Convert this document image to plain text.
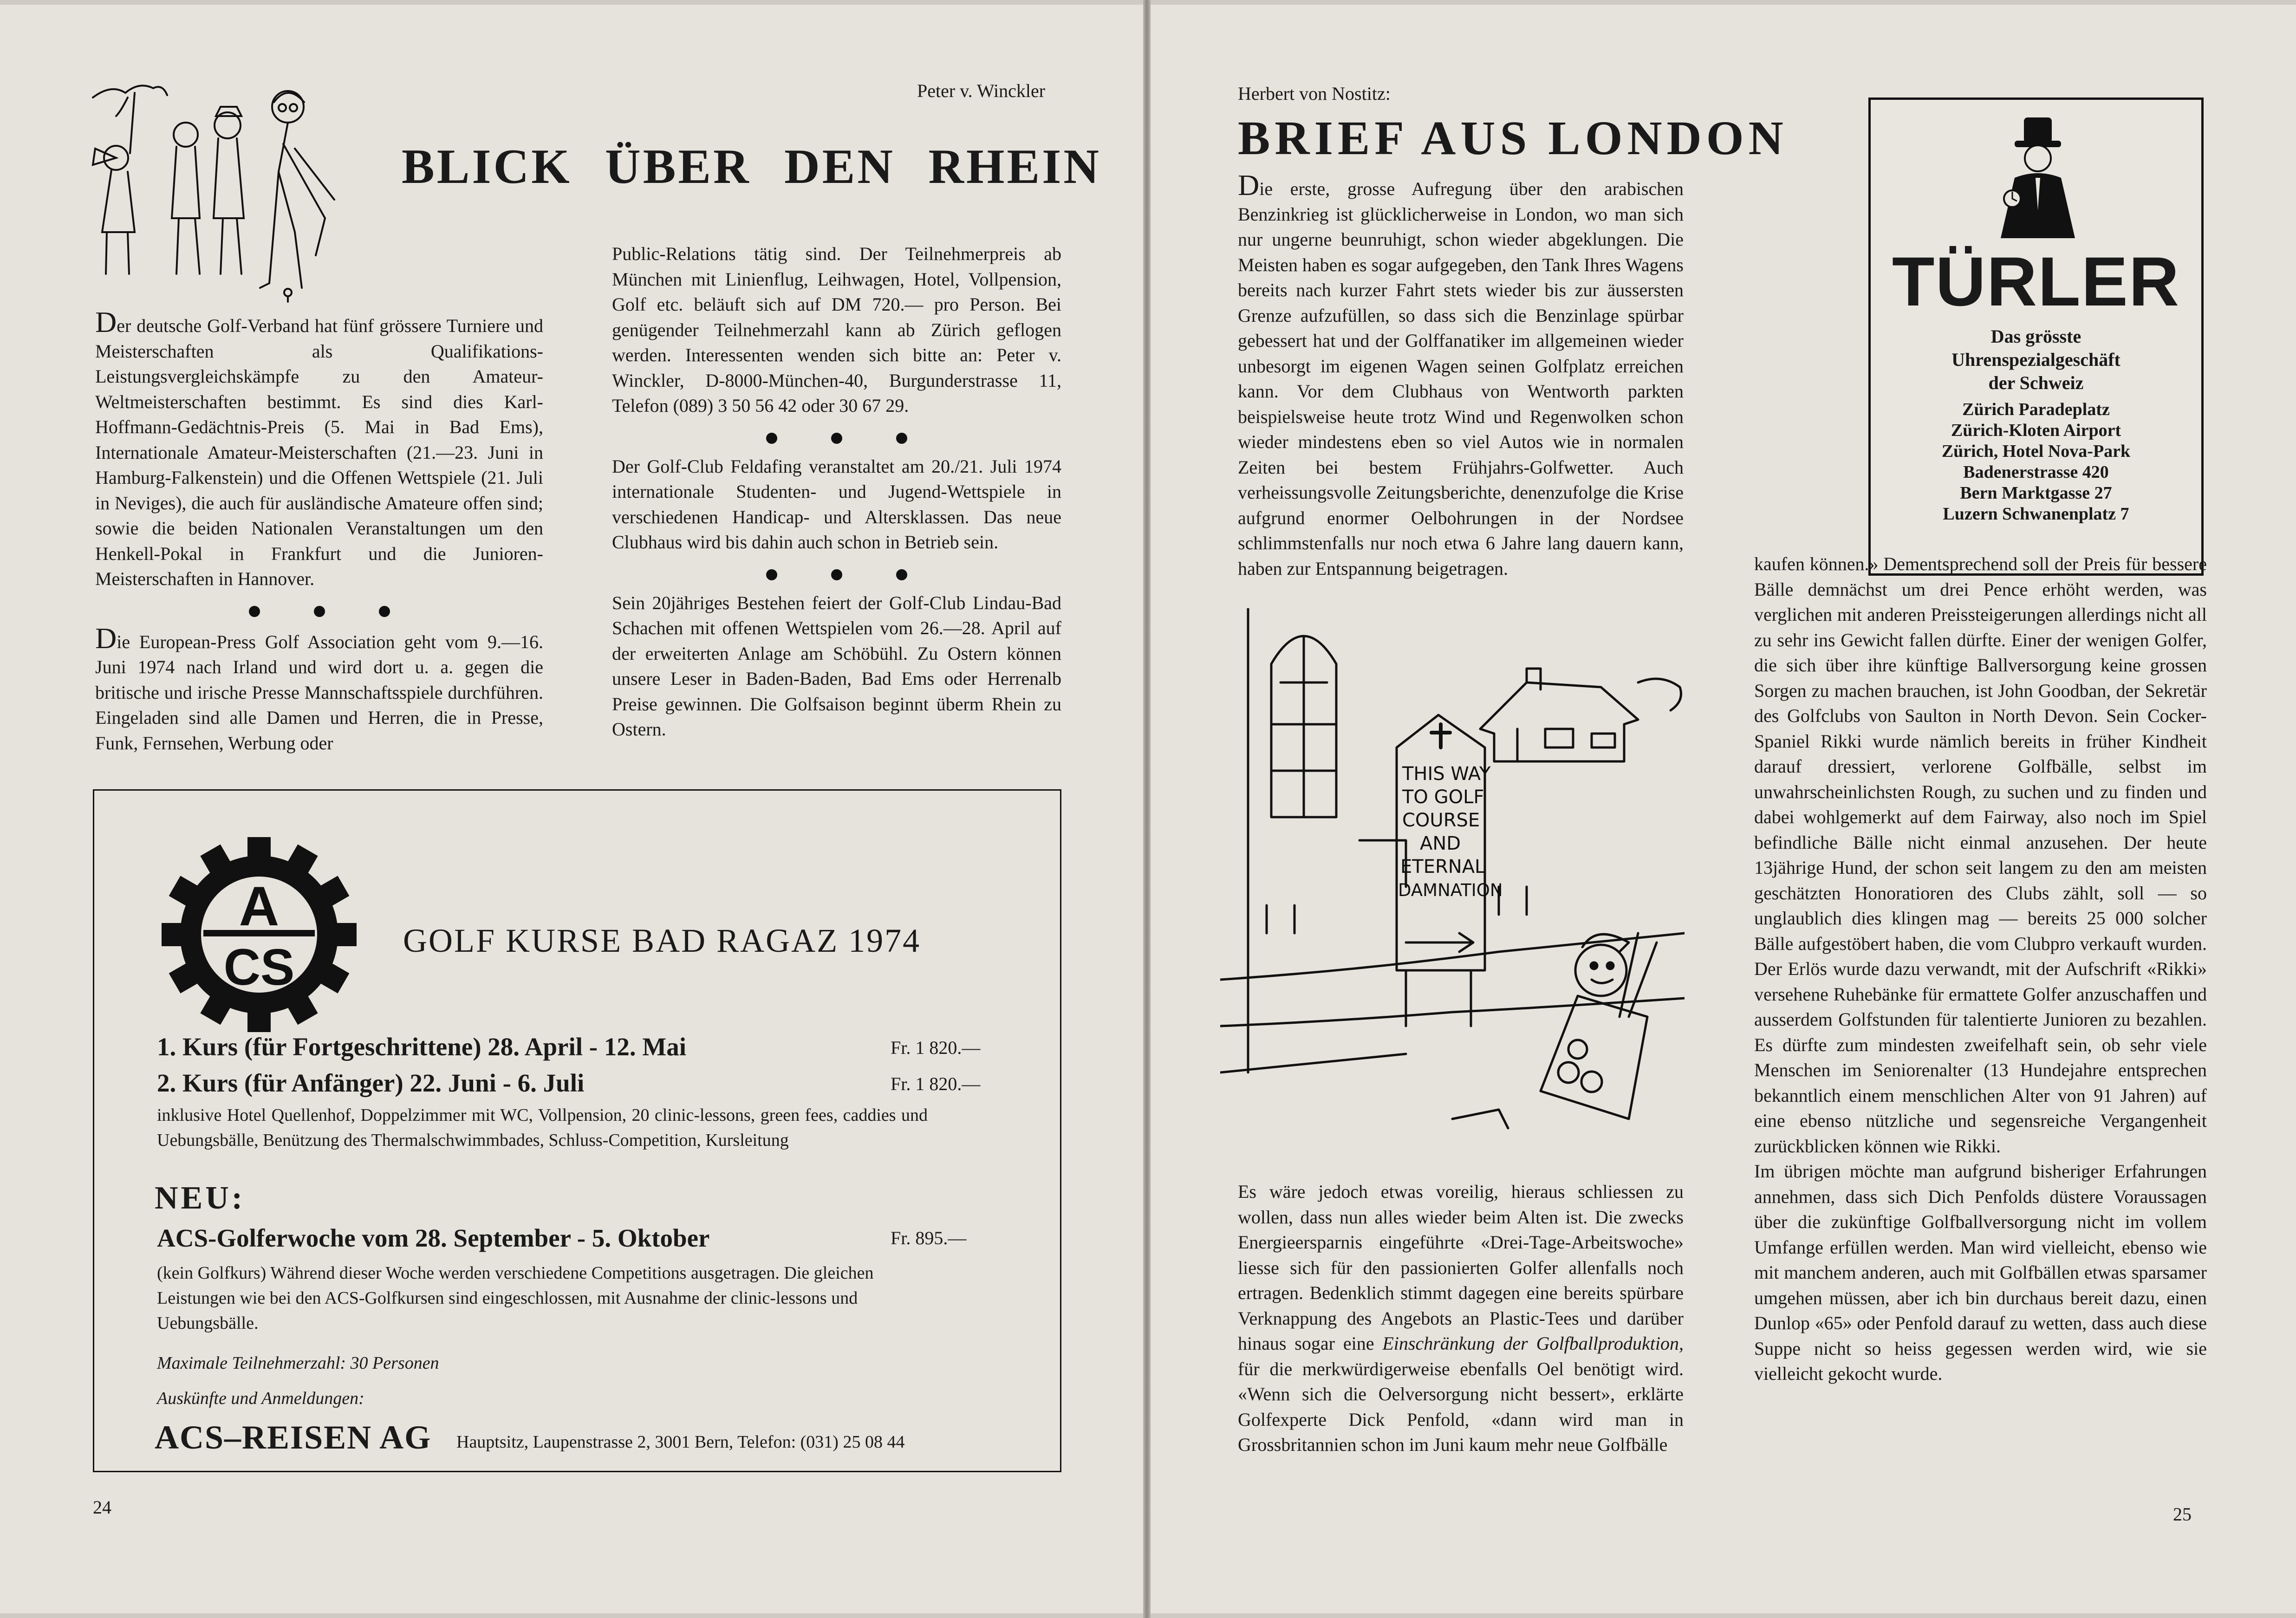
Peter v. Winckler
BLICK ÜBER DEN RHEIN

Der deutsche Golf-Verband hat fünf grössere Turniere und Meisterschaften als Qualifikations-Leistungsvergleichskämpfe zu den Amateur-Weltmeisterschaften bestimmt. Es sind dies Karl-Hoffmann-Gedächtnis-Preis (5. Mai in Bad Ems), Internationale Amateur-Meisterschaften (21.—23. Juni in Hamburg-Falkenstein) und die Offenen Wettspiele (21. Juli in Neviges), die auch für ausländische Amateure offen sind; sowie die beiden Nationalen Veranstaltungen um den Henkell-Pokal in Frankfurt und die Junioren-Meisterschaften in Hannover.

Die European-Press Golf Association geht vom 9.—16. Juni 1974 nach Irland und wird dort u. a. gegen die britische und irische Presse Mannschaftsspiele durchführen. Eingeladen sind alle Damen und Herren, die in Presse, Funk, Fernsehen, Werbung oder

Public-Relations tätig sind. Der Teilnehmerpreis ab München mit Linienflug, Leihwagen, Hotel, Vollpension, Golf etc. beläuft sich auf DM 720.— pro Person. Bei genügender Teilnehmerzahl kann ab Zürich geflogen werden. Interessenten wenden sich bitte an: Peter v. Winckler, D-8000-München-40, Burgunderstrasse 11, Telefon (089) 3 50 56 42 oder 30 67 29.

Der Golf-Club Feldafing veranstaltet am 20./21. Juli 1974 internationale Studenten- und Jugend-Wettspiele in verschiedenen Handicap- und Altersklassen. Das neue Clubhaus wird bis dahin auch schon in Betrieb sein.

Sein 20jähriges Bestehen feiert der Golf-Club Lindau-Bad Schachen mit offenen Wettspielen vom 26.—28. April auf der erweiterten Anlage am Schöbühl. Zu Ostern können unsere Leser in Baden-Baden, Bad Ems oder Herrenalb Preise gewinnen. Die Golfsaison beginnt überm Rhein zu Ostern.

A
CS	GOLF KURSE BAD RAGAZ 1974
1. Kurs (für Fortgeschrittene) 28. April - 12. Mai	Fr. 1 820.—
2. Kurs (für Anfänger) 22. Juni - 6. Juli	Fr. 1 820.—
inklusive Hotel Quellenhof, Doppelzimmer mit WC, Vollpension, 20 clinic-lessons, green fees, caddies und Uebungsbälle, Benützung des Thermalschwimmbades, Schluss-Competition, Kursleitung
NEU:
ACS-Golferwoche vom 28. September - 5. Oktober	Fr. 895.—
(kein Golfkurs) Während dieser Woche werden verschiedene Competitions ausgetragen. Die gleichen Leistungen wie bei den ACS-Golfkursen sind eingeschlossen, mit Ausnahme der clinic-lessons und Uebungsbälle.
Maximale Teilnehmerzahl: 30 Personen
Auskünfte und Anmeldungen:
ACS–REISEN AG Hauptsitz, Laupenstrasse 2, 3001 Bern, Telefon: (031) 25 08 44
24
Herbert von Nostitz:
BRIEF AUS LONDON
TÜRLER
Das grösste
Uhrenspezialgeschäft
der Schweiz
Zürich Paradeplatz
Zürich-Kloten Airport
Zürich, Hotel Nova-Park
Badenerstrasse 420
Bern Marktgasse 27
Luzern Schwanenplatz 7

Die erste, grosse Aufregung über den arabischen Benzinkrieg ist glücklicherweise in London, wo man sich nur ungerne beunruhigt, schon wieder abgeklungen. Die Meisten haben es sogar aufgegeben, den Tank Ihres Wagens bereits nach kurzer Fahrt stets wieder bis zur äussersten Grenze aufzufüllen, so dass sich die Benzinlage spürbar gebessert hat und der Golffanatiker im allgemeinen wieder unbesorgt im eigenen Wagen seinen Golfplatz erreichen kann. Vor dem Clubhaus von Wentworth parkten beispielsweise heute trotz Wind und Regenwolken schon wieder mindestens eben so viel Autos wie in normalen Zeiten bei bestem Frühjahrs-Golfwetter. Auch verheissungsvolle Zeitungsberichte, denenzufolge die Krise aufgrund enormer Oelbohrungen in der Nordsee schlimmstenfalls nur noch etwa 6 Jahre lang dauern kann, haben zur Entspannung beigetragen.

THIS WAY
TO GOLF
COURSE
AND
ETERNAL
DAMNATION

Es wäre jedoch etwas voreilig, hieraus schliessen zu wollen, dass nun alles wieder beim Alten ist. Die zwecks Energieersparnis eingeführte «Drei-Tage-Arbeitswoche» liesse sich für den passionierten Golfer allenfalls noch ertragen. Bedenklich stimmt dagegen eine bereits spürbare Verknappung des Angebots an Plastic-Tees und darüber hinaus sogar eine Einschränkung der Golfballproduktion, für die merkwürdigerweise ebenfalls Oel benötigt wird. «Wenn sich die Oelversorgung nicht bessert», erklärte Golfexperte Dick Penfold, «dann wird man in Grossbritannien schon im Juni kaum mehr neue Golfbälle

kaufen können.» Dementsprechend soll der Preis für bessere Bälle demnächst um drei Pence erhöht werden, was verglichen mit anderen Preissteigerungen allerdings nicht all zu sehr ins Gewicht fallen dürfte. Einer der wenigen Golfer, die sich über ihre künftige Ballversorgung keine grossen Sorgen zu machen brauchen, ist John Goodban, der Sekretär des Golfclubs von Saulton in North Devon. Sein Cocker-Spaniel Rikki wurde nämlich bereits in früher Kindheit darauf dressiert, verlorene Golfbälle, selbst im unwahrscheinlichsten Rough, zu suchen und zu finden und dabei wohlgemerkt auf dem Fairway, also noch im Spiel befindliche Bälle nicht einmal anzusehen. Der heute 13jährige Hund, der schon seit langem zu den am meisten geschätzten Honoratioren des Clubs zählt, soll — so unglaublich dies klingen mag — bereits 25 000 solcher Bälle aufgestöbert haben, die vom Clubpro verkauft wurden. Der Erlös wurde dazu verwandt, mit der Aufschrift «Rikki» versehene Ruhebänke für ermattete Golfer anzuschaffen und ausserdem Golfstunden für talentierte Junioren zu bezahlen. Es dürfte zum mindesten zweifelhaft sein, ob sehr viele Menschen im Seniorenalter (13 Hundejahre entsprechen bekanntlich einem menschlichen Alter von 91 Jahren) auf eine ebenso nützliche und segensreiche Vergangenheit zurückblicken können wie Rikki.

Im übrigen möchte man aufgrund bisheriger Erfahrungen annehmen, dass sich Dich Penfolds düstere Voraussagen über die zukünftige Golfballversorgung nicht im vollem Umfange erfüllen werden. Man wird vielleicht, ebenso wie mit manchem anderen, auch mit Golfbällen etwas sparsamer umgehen müssen, aber ich bin durchaus bereit dazu, einen Dunlop «65» oder Penfold darauf zu wetten, dass auch diese Suppe nicht so heiss gegessen werden wird, wie sie vielleicht gekocht wurde.

25
